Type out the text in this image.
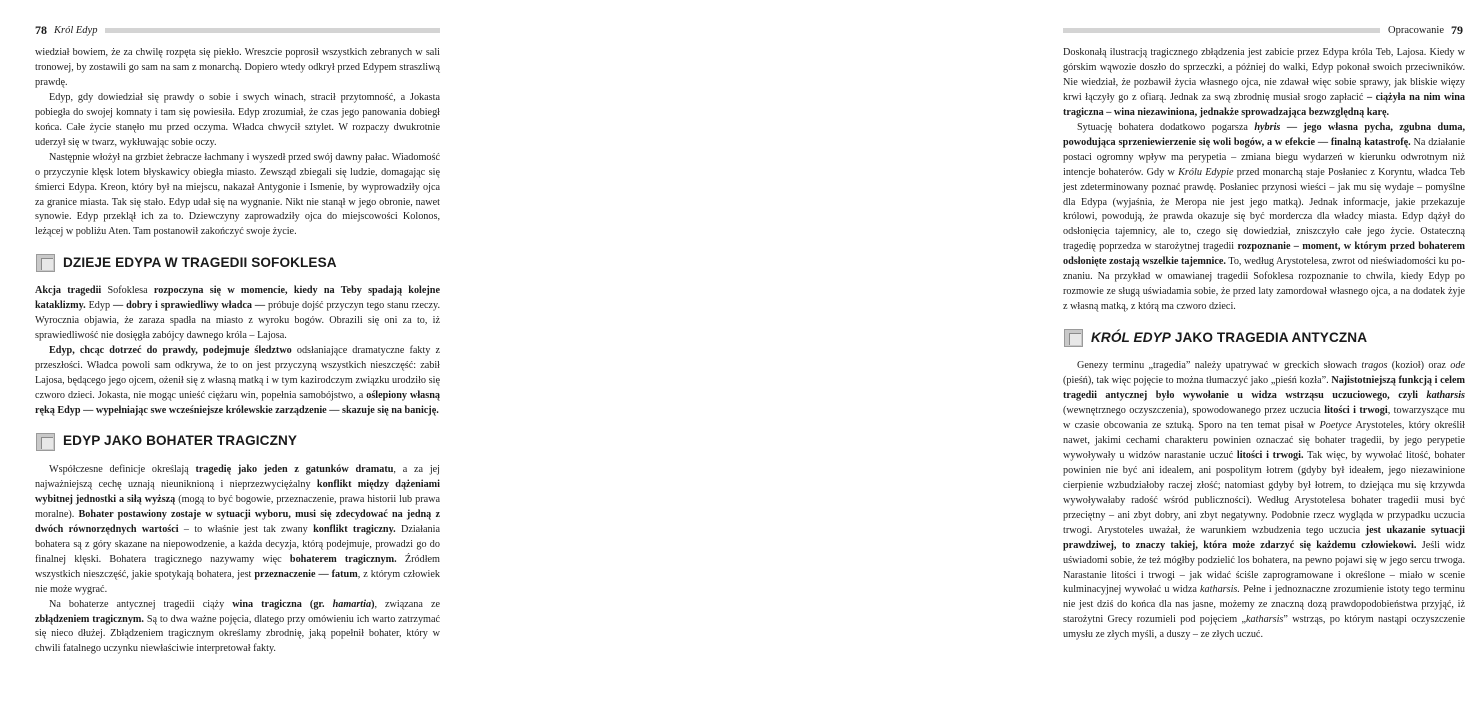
78 Król Edyp

wiedział bowiem, że za chwilę rozpęta się piekło. Wreszcie poprosił wszystkich zebranych w sali tronowej, by zostawili go sam na sam z monarchą. Dopiero wtedy odkrył przed Edypem straszliwą prawdę.

Edyp, gdy dowiedział się prawdy o sobie i swych winach, stracił przytomność, a Jokasta pobiegła do swojej komnaty i tam się powiesiła. Edyp zrozumiał, że czas jego panowania dobiegł końca. Całe życie stanęło mu przed oczyma. Władca chwycił sztylet. W rozpaczy dwukrotnie uderzył się w twarz, wykłuwając sobie oczy.

Następnie włożył na grzbiet żebracze łachmany i wyszedł przed swój dawny pałac. Wiadomość o przyczynie klęsk lotem błyskawicy obiegła miasto. Zewsząd zbiegali się ludzie, domagając się śmierci Edypa. Kreon, który był na miejscu, nakazał Antygonie i Ismenie, by wyprowadziły ojca za granice miasta. Tak się stało. Edyp udał się na wygnanie. Nikt nie stanął w jego obronie, nawet synowie. Edyp przeklął ich za to. Dziewczyny zaprowadziły ojca do miejscowości Kolonos, leżącej w pobliżu Aten. Tam postanowił zakończyć swoje życie.

DZIEJE EDYPA W TRAGEDII SOFOKLESA

Akcja tragedii Sofoklesa rozpoczyna się w momencie, kiedy na Teby spadają kolejne kataklizmy. Edyp — dobry i sprawiedliwy władca — próbuje dojść przyczyn tego stanu rzeczy. Wyrocznia objawia, że zaraza spadła na miasto z wyroku bogów. Obrazili się oni za to, iż sprawiedliwość nie dosięgła zabójcy dawnego króla – Lajosa.

Edyp, chcąc dotrzeć do prawdy, podejmuje śledztwo odsłaniające dramatyczne fakty z przeszłości. Władca powoli sam odkrywa, że to on jest przyczyną wszystkich nieszczęść: zabił Lajosa, będącego jego ojcem, ożenił się z własną matką i w tym kazirodczym związku urodziło się czworo dzieci. Jokasta, nie mogąc unieść ciężaru win, popełnia samobójstwo, a oślepiony własną ręką Edyp — wypełniając swe wcześniejsze królewskie zarządzenie — skazuje się na banicję.

EDYP JAKO BOHATER TRAGICZNY

Współczesne definicje określają tragedię jako jeden z gatunków dramatu, a za jej najważniejszą cechę uznają nieuniknioną i nieprzezwyciężalny konflikt między dążeniami wybitnej jednostki a siłą wyższą (mogą to być bogowie, przeznaczenie, prawa historii lub prawa moralne). Bohater postawiony zostaje w sytuacji wyboru, musi się zdecydować na jedną z dwóch równorzędnych wartości – to właśnie jest tak zwany konflikt tragiczny. Działania bohatera są z góry skazane na niepowodzenie, a każda decyzja, którą podejmuje, prowadzi go do finalnej klęski. Bohatera tragicznego nazywamy więc bohaterem tragicznym. Źródłem wszystkich nieszczęść, jakie spotykają bohatera, jest przeznaczenie — fatum, z którym człowiek nie może wygrać.

Na bohaterze antycznej tragedii ciąży wina tragiczna (gr. hamartia), związana ze zbłądzeniem tragicznym. Są to dwa ważne pojęcia, dlatego przy omówieniu ich warto zatrzymać się nieco dłużej. Zbłądzeniem tragicznym określamy zbrodnię, jaką popełnił bohater, który w chwili fatalnego uczynku niewłaściwie interpretował fakty.

Opracowanie 79

Doskonałą ilustracją tragicznego zbłądzenia jest zabicie przez Edypa króla Teb, Lajosa. Kiedy w górskim wąwozie doszło do sprzeczki, a później do walki, Edyp pokonał swoich przeciwników. Nie wiedział, że pozbawił życia własnego ojca, nie zdawał więc sobie sprawy, jak bliskie więzy krwi łączyły go z ofiarą. Jednak za swą zbrodnię musiał srogo zapłacić – ciążyła na nim wina tragiczna – wina niezawiniona, jednakże sprowadzająca bezwzględną karę.

Sytuację bohatera dodatkowo pogarsza hybris — jego własna pycha, zgubna duma, powodująca sprzeniewierzenie się woli bogów, a w efekcie — finalną katastrofę. Na działanie postaci ogromny wpływ ma perypetia – zmiana biegu wydarzeń w kierunku odwrotnym niż intencje bohaterów. Gdy w Królu Edypie przed monarchą staje Posłaniec z Koryntu, władca Teb jest zdeterminowany poznać prawdę. Posłaniec przynosi wieści – jak mu się wydaje – pomyślne dla Edypa (wyjaśnia, że Meropa nie jest jego matką). Jednak informacje, jakie przekazuje królowi, powodują, że prawda okazuje się być mordercza dla władcy miasta. Edyp dążył do odsłonięcia tajemnicy, ale to, czego się dowiedział, zniszczyło całe jego życie. Ostateczną tragedię poprzedza w starożytnej tragedii rozpoznanie – moment, w którym przed bohaterem odsłonięte zostają wszelkie tajemnice. To, według Arystotelesa, zwrot od nieświadomości ku poznaniu. Na przykład w omawianej tragedii Sofoklesa rozpoznanie to chwila, kiedy Edyp po rozmowie ze sługą uświadamia sobie, że przed laty zamordował własnego ojca, a na dodatek żyje z własną matką, z którą ma czworo dzieci.

KRÓL EDYP JAKO TRAGEDIA ANTYCZNA

Genezy terminu „tragedia” należy upatrywać w greckich słowach tragos (kozioł) oraz ode (pieśń), tak więc pojęcie to można tłumaczyć jako „pieśń kozła”. Najistotniejszą funkcją i celem tragedii antycznej było wywołanie u widza wstrząsu uczuciowego, czyli katharsis (wewnętrznego oczyszczenia), spowodowanego przez uczucia litości i trwogi, towarzyszące mu w czasie obcowania ze sztuką. Sporo na ten temat pisał w Poetyce Arystoteles, który określił nawet, jakimi cechami charakteru powinien oznaczać się bohater tragedii, by jego perypetie wywoływały u widzów narastanie uczuć litości i trwogi. Tak więc, by wywołać litość, bohater powinien nie być ani idealem, ani pospolitym łotrem (gdyby był ideałem, jego niezawinione cierpienie wzbudziałoby raczej złość; natomiast gdyby był łotrem, to dziejąca mu się krzywda wywoływałaby radość wśród publiczności). Według Arystotelesa bohater tragedii musi być przeciętny – ani zbyt dobry, ani zbyt negatywny. Podobnie rzecz wygląda w przypadku uczucia trwogi. Arystoteles uważał, że warunkiem wzbudzenia tego uczucia jest ukazanie sytuacji prawdziwej, to znaczy takiej, która może zdarzyć się każdemu człowiekowi. Jeśli widz uświadomi sobie, że też mógłby podzielić los bohatera, na pewno pojawi się w jego sercu trwoga. Narastanie litości i trwogi – jak widać ściśle zaprogramowane i określone – miało w scenie kulminacyjnej wywołać u widza katharsis. Pełne i jednoznaczne zrozumienie istoty tego terminu nie jest dziś do końca dla nas jasne, możemy ze znaczną dozą prawdopodobieństwa przyjąć, iż starożytni Grecy rozumieli pod pojęciem „katharsis” wstrząs, po którym nastąpi oczyszczenie umysłu ze złych myśli, a duszy – ze złych uczuć.
